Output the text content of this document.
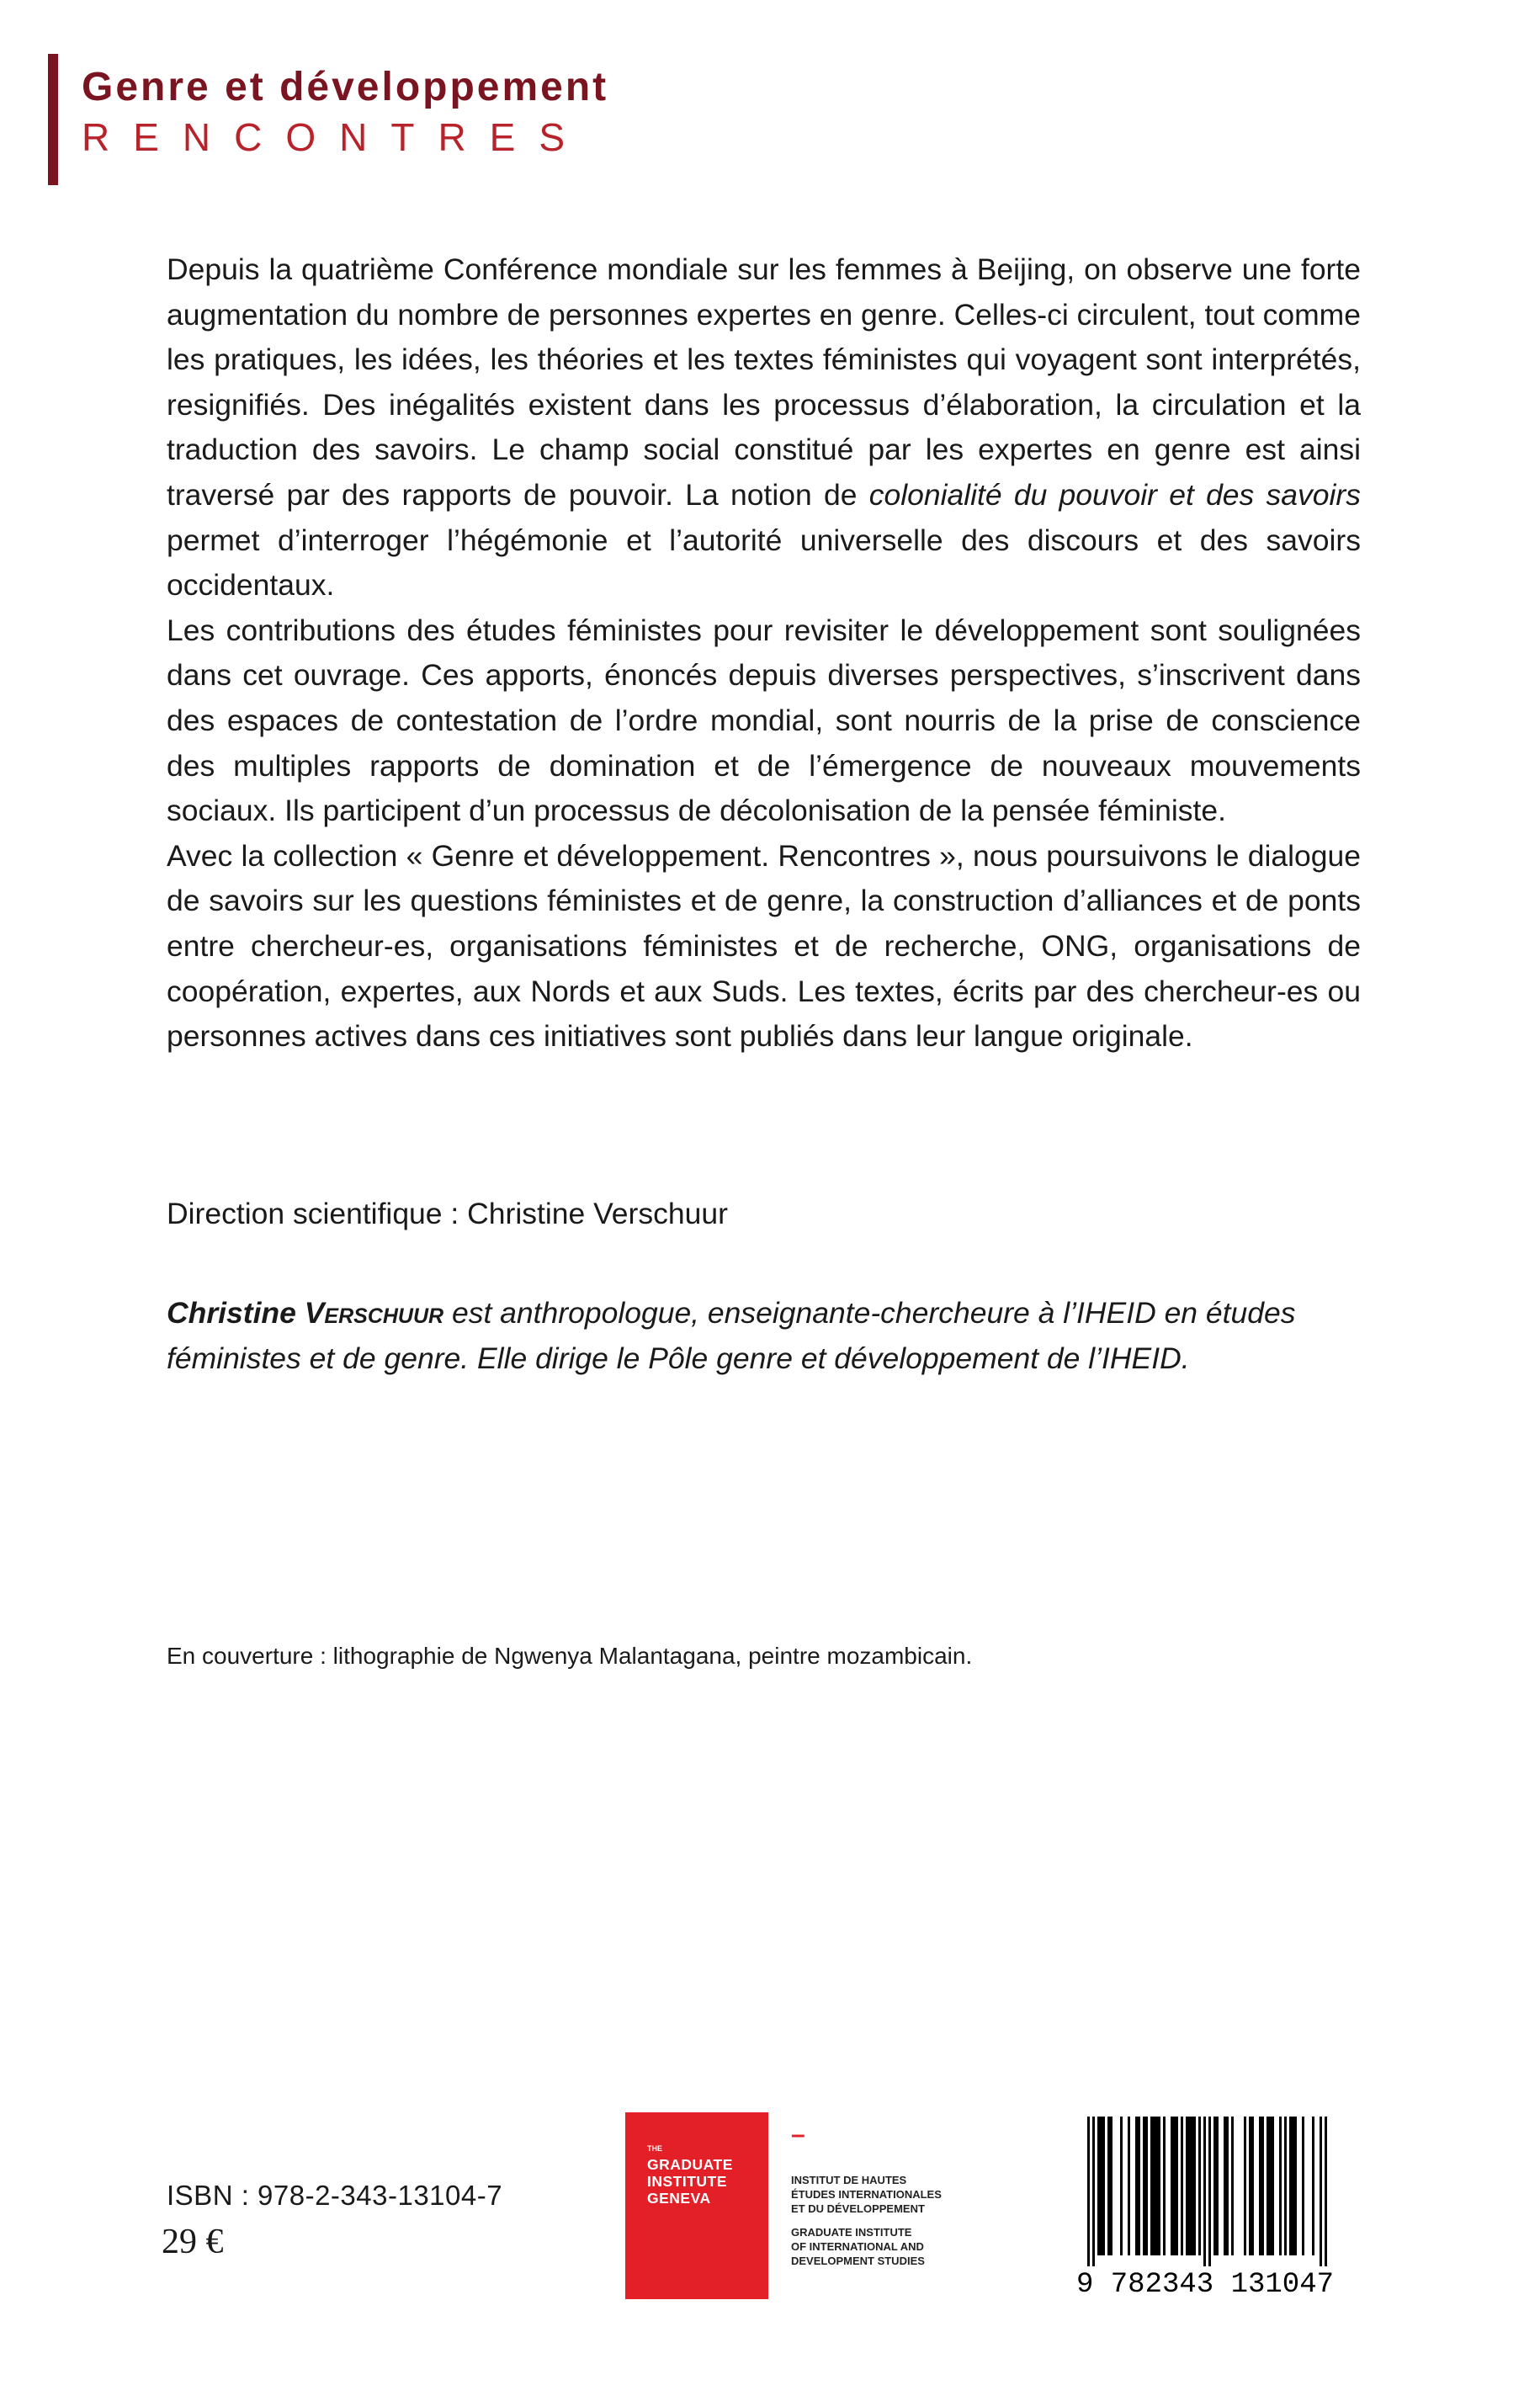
Genre et développement
RENCONTRES

Depuis la quatrième Conférence mondiale sur les femmes à Beijing, on observe une forte augmentation du nombre de personnes expertes en genre. Celles-ci circulent, tout comme les pratiques, les idées, les théories et les textes féministes qui voyagent sont interprétés, resignifiés. Des inégalités existent dans les processus d’élaboration, la circulation et la traduction des savoirs. Le champ social constitué par les expertes en genre est ainsi traversé par des rapports de pouvoir. La notion de colonialité du pouvoir et des savoirs permet d’interroger l’hégémonie et l’autorité universelle des discours et des savoirs occidentaux.

Les contributions des études féministes pour revisiter le développement sont soulignées dans cet ouvrage. Ces apports, énoncés depuis diverses perspectives, s’inscrivent dans des espaces de contestation de l’ordre mondial, sont nourris de la prise de conscience des multiples rapports de domination et de l’émergence de nouveaux mouvements sociaux. Ils participent d’un processus de décolonisation de la pensée féministe.

Avec la collection « Genre et développement. Rencontres », nous poursuivons le dialogue de savoirs sur les questions féministes et de genre, la construction d’alliances et de ponts entre chercheur-es, organisations féministes et de recherche, ONG, organisations de coopération, expertes, aux Nords et aux Suds. Les textes, écrits par des chercheur-es ou personnes actives dans ces initiatives sont publiés dans leur langue originale.

Direction scientifique : Christine Verschuur
Christine Verschuur est anthropologue, enseignante-chercheure à l’IHEID en études féministes et de genre. Elle dirige le Pôle genre et développement de l’IHEID.
En couverture : lithographie de Ngwenya Malantagana, peintre mozambicain.
ISBN : 978-2-343-13104-7
29 €
THE
GRADUATE
INSTITUTE
GENEVA
–
INSTITUT DE HAUTES
ÉTUDES INTERNATIONALES
ET DU DÉVELOPPEMENT
GRADUATE INSTITUTE
OF INTERNATIONAL AND
DEVELOPMENT STUDIES
9 782343 131047
